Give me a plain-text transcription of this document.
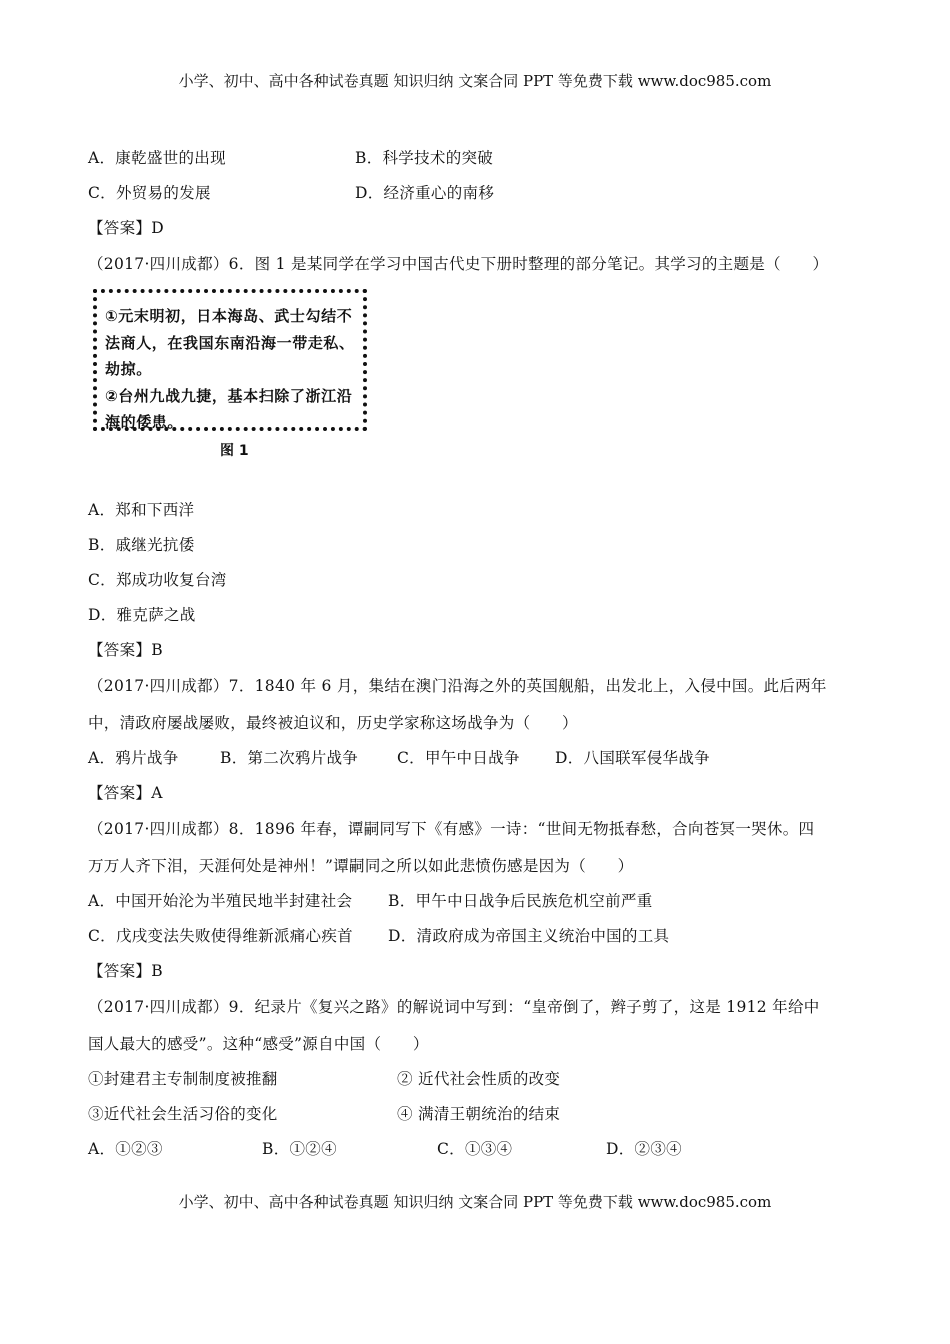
小学、初中、高中各种试卷真题 知识归纳 文案合同 PPT 等免费下载 www.doc985.com
A．康乾盛世的出现	B．科学技术的突破
C．外贸易的发展	D．经济重心的南移
【答案】D
（2017·四川成都）6．图 1 是某同学在学习中国古代史下册时整理的部分笔记。其学习的主题是（　　）

①元末明初，日本海岛、武士勾结不法商人，在我国东南沿海一带走私、劫掠。

②台州九战九捷，基本扫除了浙江沿海的倭患。

图 1
A．郑和下西洋
B．戚继光抗倭
C．郑成功收复台湾
D．雅克萨之战
【答案】B
（2017·四川成都）7．1840 年 6 月，集结在澳门沿海之外的英国舰船，出发北上，入侵中国。此后两年
中，清政府屡战屡败，最终被迫议和，历史学家称这场战争为（　　）
A．鸦片战争	B．第二次鸦片战争	C．甲午中日战争 D．八国联军侵华战争
【答案】A
（2017·四川成都）8．1896 年春，谭嗣同写下《有感》一诗：“世间无物抵春愁，合向苍冥一哭休。四
万万人齐下泪，天涯何处是神州！”谭嗣同之所以如此悲愤伤感是因为（　　）
A．中国开始沦为半殖民地半封建社会 B．甲午中日战争后民族危机空前严重
C．戊戌变法失败使得维新派痛心疾首 D．清政府成为帝国主义统治中国的工具
【答案】B
（2017·四川成都）9．纪录片《复兴之路》的解说词中写到：“皇帝倒了，辫子剪了，这是 1912 年给中
国人最大的感受”。这种“感受”源自中国（　　）
①封建君主专制制度被推翻	② 近代社会性质的改变
③近代社会生活习俗的变化	④ 满清王朝统治的结束
A．①②③	B．①②④	C．①③④	D．②③④
小学、初中、高中各种试卷真题 知识归纳 文案合同 PPT 等免费下载 www.doc985.com
